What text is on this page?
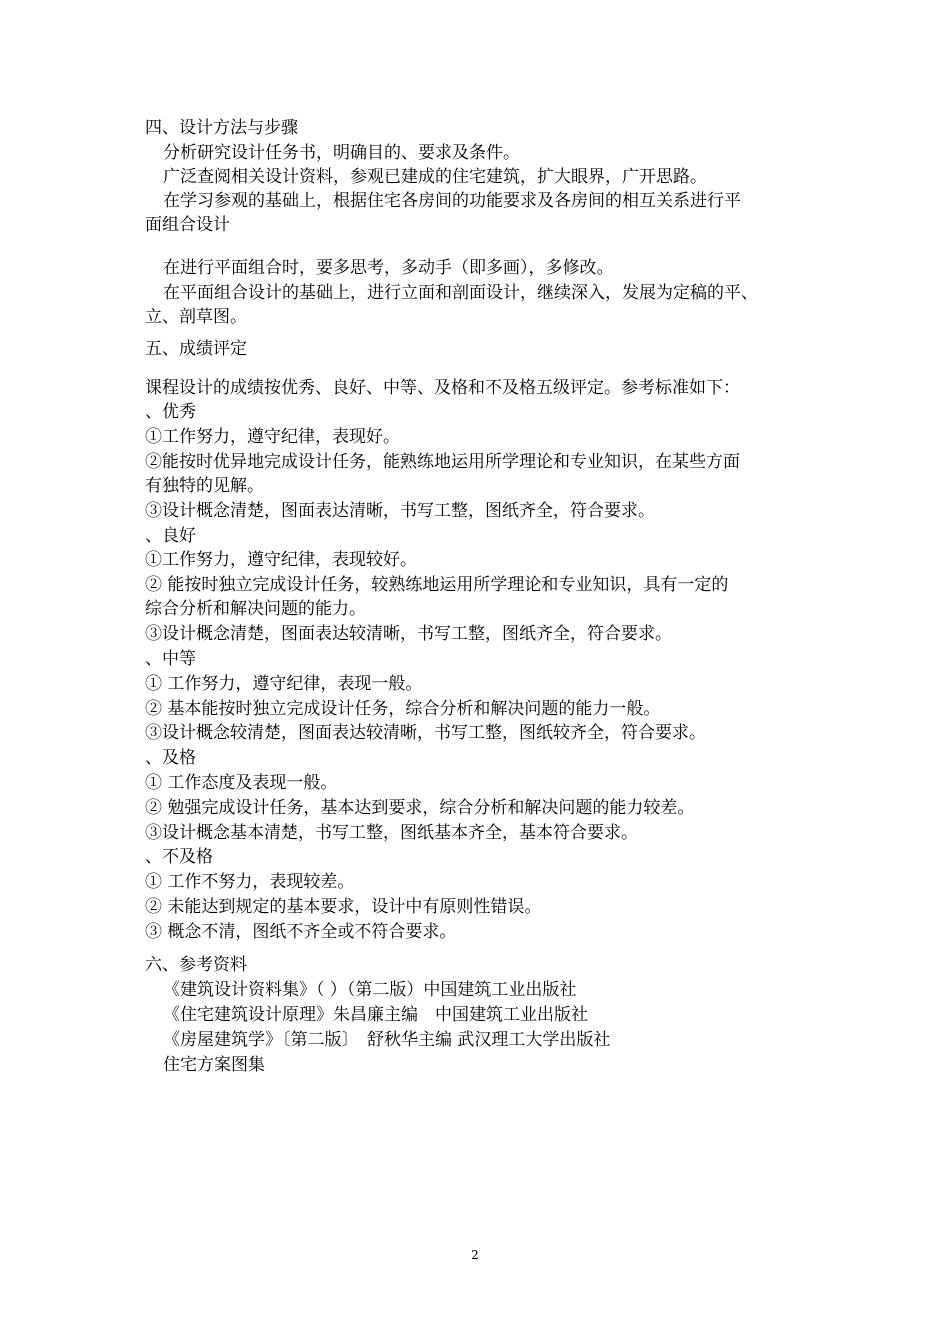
四、设计方法与步骤
分析研究设计任务书，明确目的、要求及条件。
广泛查阅相关设计资料，参观已建成的住宅建筑，扩大眼界，广开思路。
在学习参观的基础上，根据住宅各房间的功能要求及各房间的相互关系进行平
面组合设计
在进行平面组合时，要多思考，多动手（即多画），多修改。
在平面组合设计的基础上，进行立面和剖面设计，继续深入，发展为定稿的平、
立、剖草图。
五、成绩评定
课程设计的成绩按优秀、良好、中等、及格和不及格五级评定。参考标准如下：
、优秀
①工作努力，遵守纪律，表现好。
②能按时优异地完成设计任务，能熟练地运用所学理论和专业知识，在某些方面
有独特的见解。
③设计概念清楚，图面表达清晰，书写工整，图纸齐全，符合要求。
、良好
①工作努力，遵守纪律，表现较好。
② 能按时独立完成设计任务，较熟练地运用所学理论和专业知识，具有一定的
综合分析和解决问题的能力。
③设计概念清楚，图面表达较清晰，书写工整，图纸齐全，符合要求。
、中等
① 工作努力，遵守纪律，表现一般。
② 基本能按时独立完成设计任务，综合分析和解决问题的能力一般。
③设计概念较清楚，图面表达较清晰，书写工整，图纸较齐全，符合要求。
、及格
① 工作态度及表现一般。
② 勉强完成设计任务，基本达到要求，综合分析和解决问题的能力较差。
③设计概念基本清楚，书写工整，图纸基本齐全，基本符合要求。
、不及格
① 工作不努力，表现较差。
② 未能达到规定的基本要求，设计中有原则性错误。
③ 概念不清，图纸不齐全或不符合要求。
六、参考资料
《建筑设计资料集》（ ）（第二版）中国建筑工业出版社
《住宅建筑设计原理》朱昌廉主编　中国建筑工业出版社
《房屋建筑学》〔第二版〕　舒秋华主编 武汉理工大学出版社
住宅方案图集
2
